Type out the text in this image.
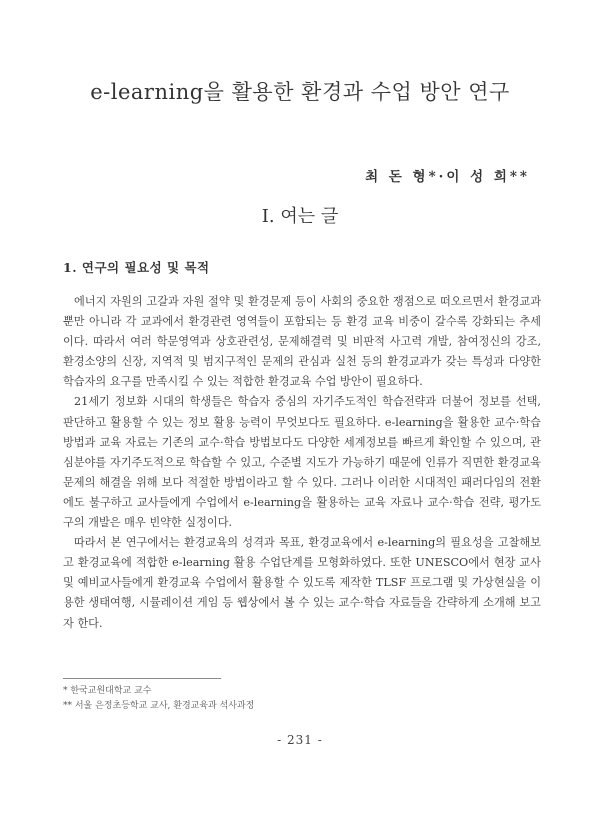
e-learning을 활용한 환경과 수업 방안 연구
최 돈 형*·이 성 희**
Ⅰ. 여는 글
1. 연구의 필요성 및 목적

에너지 자원의 고갈과 자원 절약 및 환경문제 등이 사회의 중요한 쟁점으로 떠오르면서 환경교과 뿐만 아니라 각 교과에서 환경관련 영역들이 포함되는 등 환경 교육 비중이 갈수록 강화되는 추세이다. 따라서 여러 학문영역과 상호관련성, 문제해결력 및 비판적 사고력 개발, 참여정신의 강조, 환경소양의 신장, 지역적 및 범지구적인 문제의 관심과 실천 등의 환경교과가 갖는 특성과 다양한 학습자의 요구를 만족시킬 수 있는 적합한 환경교육 수업 방안이 필요하다.

21세기 정보화 시대의 학생들은 학습자 중심의 자기주도적인 학습전략과 더불어 정보를 선택, 판단하고 활용할 수 있는 정보 활용 능력이 무엇보다도 필요하다. e-learning을 활용한 교수·학습 방법과 교육 자료는 기존의 교수·학습 방법보다도 다양한 세계정보를 빠르게 확인할 수 있으며, 관심분야를 자기주도적으로 학습할 수 있고, 수준별 지도가 가능하기 때문에 인류가 직면한 환경교육 문제의 해결을 위해 보다 적절한 방법이라고 할 수 있다. 그러나 이러한 시대적인 패러다임의 전환에도 불구하고 교사들에게 수업에서 e-learning을 활용하는 교육 자료나 교수·학습 전략, 평가도구의 개발은 매우 빈약한 실정이다.

따라서 본 연구에서는 환경교육의 성격과 목표, 환경교육에서 e-learning의 필요성을 고찰해보고 환경교육에 적합한 e-learning 활용 수업단계를 모형화하였다. 또한 UNESCO에서 현장 교사 및 예비교사들에게 환경교육 수업에서 활용할 수 있도록 제작한 TLSF 프로그램 및 가상현실을 이용한 생태여행, 시뮬레이션 게임 등 웹상에서 볼 수 있는 교수·학습 자료들을 간략하게 소개해 보고자 한다.

* 한국교원대학교 교수
** 서울 은정초등학교 교사, 환경교육과 석사과정
- 231 -
